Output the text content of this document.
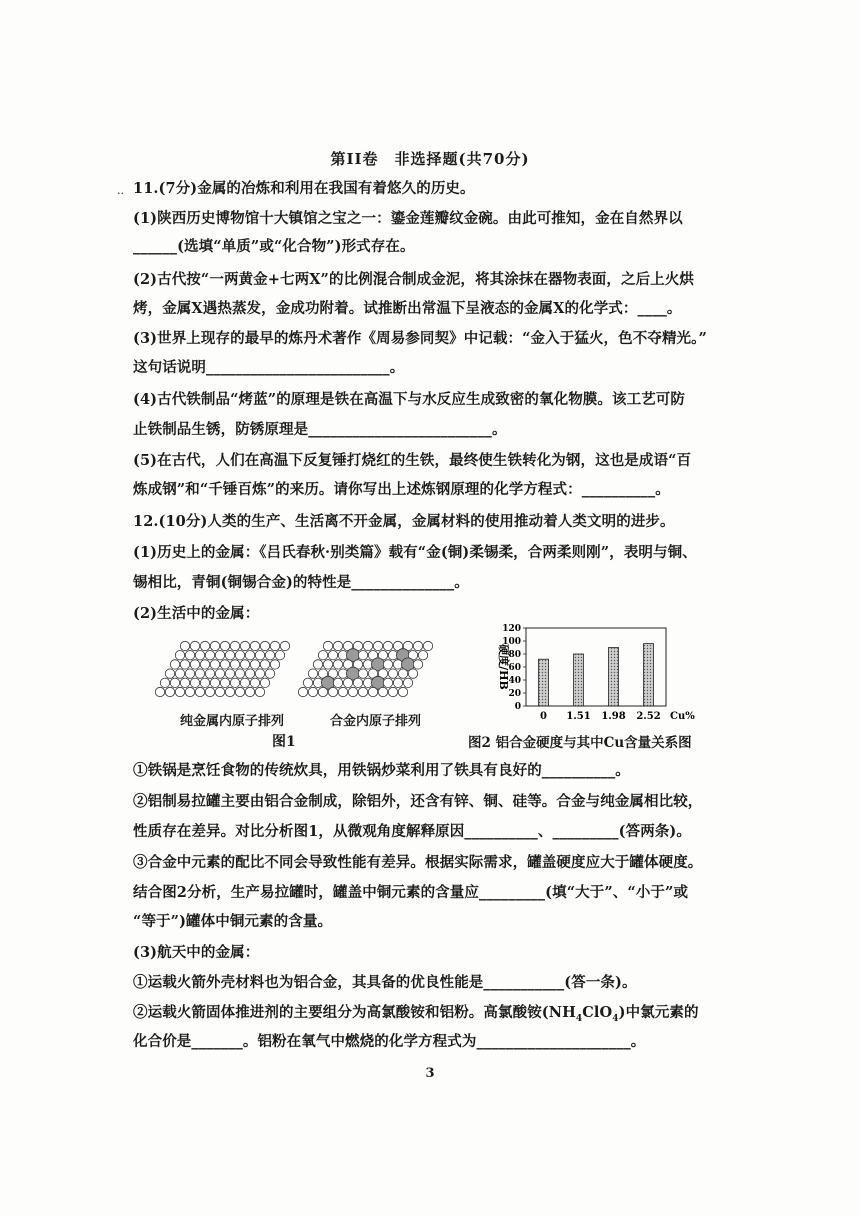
..
第II卷　非选择题(共70分)
11.(7分)金属的冶炼和利用在我国有着悠久的历史。
(1)陕西历史博物馆十大镇馆之宝之一：鎏金莲瓣纹金碗。由此可推知，金在自然界以
______(选填“单质”或“化合物”)形式存在。
(2)古代按“一两黄金+七两X”的比例混合制成金泥，将其涂抹在器物表面，之后上火烘
烤，金属X遇热蒸发，金成功附着。试推断出常温下呈液态的金属X的化学式：____。
(3)世界上现存的最早的炼丹术著作《周易参同契》中记载：“金入于猛火，色不夺精光。”
这句话说明_________________________。
(4)古代铁制品“烤蓝”的原理是铁在高温下与水反应生成致密的氧化物膜。该工艺可防
止铁制品生锈，防锈原理是_________________________。
(5)在古代，人们在高温下反复锤打烧红的生铁，最终使生铁转化为钢，这也是成语“百
炼成钢”和“千锤百炼”的来历。请你写出上述炼钢原理的化学方程式：__________。
12.(10分)人类的生产、生活离不开金属，金属材料的使用推动着人类文明的进步。
(1)历史上的金属：《吕氏春秋·别类篇》载有“金(铜)柔锡柔，合两柔则刚”，表明与铜、
锡相比，青铜(铜锡合金)的特性是______________。
(2)生活中的金属：
纯金属内原子排列	合金内原子排列
图1
0
20
40
60
80
100
120
硬度/HB
0 1.51 1.98 2.52 Cu%
图2 铝合金硬度与其中Cu含量关系图
①铁锅是烹饪食物的传统炊具，用铁锅炒菜利用了铁具有良好的__________。
②铝制易拉罐主要由铝合金制成，除铝外，还含有锌、铜、硅等。合金与纯金属相比较，
性质存在差异。对比分析图1，从微观角度解释原因__________、_________(答两条)。
③合金中元素的配比不同会导致性能有差异。根据实际需求，罐盖硬度应大于罐体硬度。
结合图2分析，生产易拉罐时，罐盖中铜元素的含量应_________(填“大于”、“小于”或
“等于”)罐体中铜元素的含量。
(3)航天中的金属：
①运载火箭外壳材料也为铝合金，其具备的优良性能是___________(答一条)。
②运载火箭固体推进剂的主要组分为高氯酸铵和铝粉。高氯酸铵$(NH_4ClO_4)$中氯元素的
化合价是_______。铝粉在氧气中燃烧的化学方程式为_____________________。
3
